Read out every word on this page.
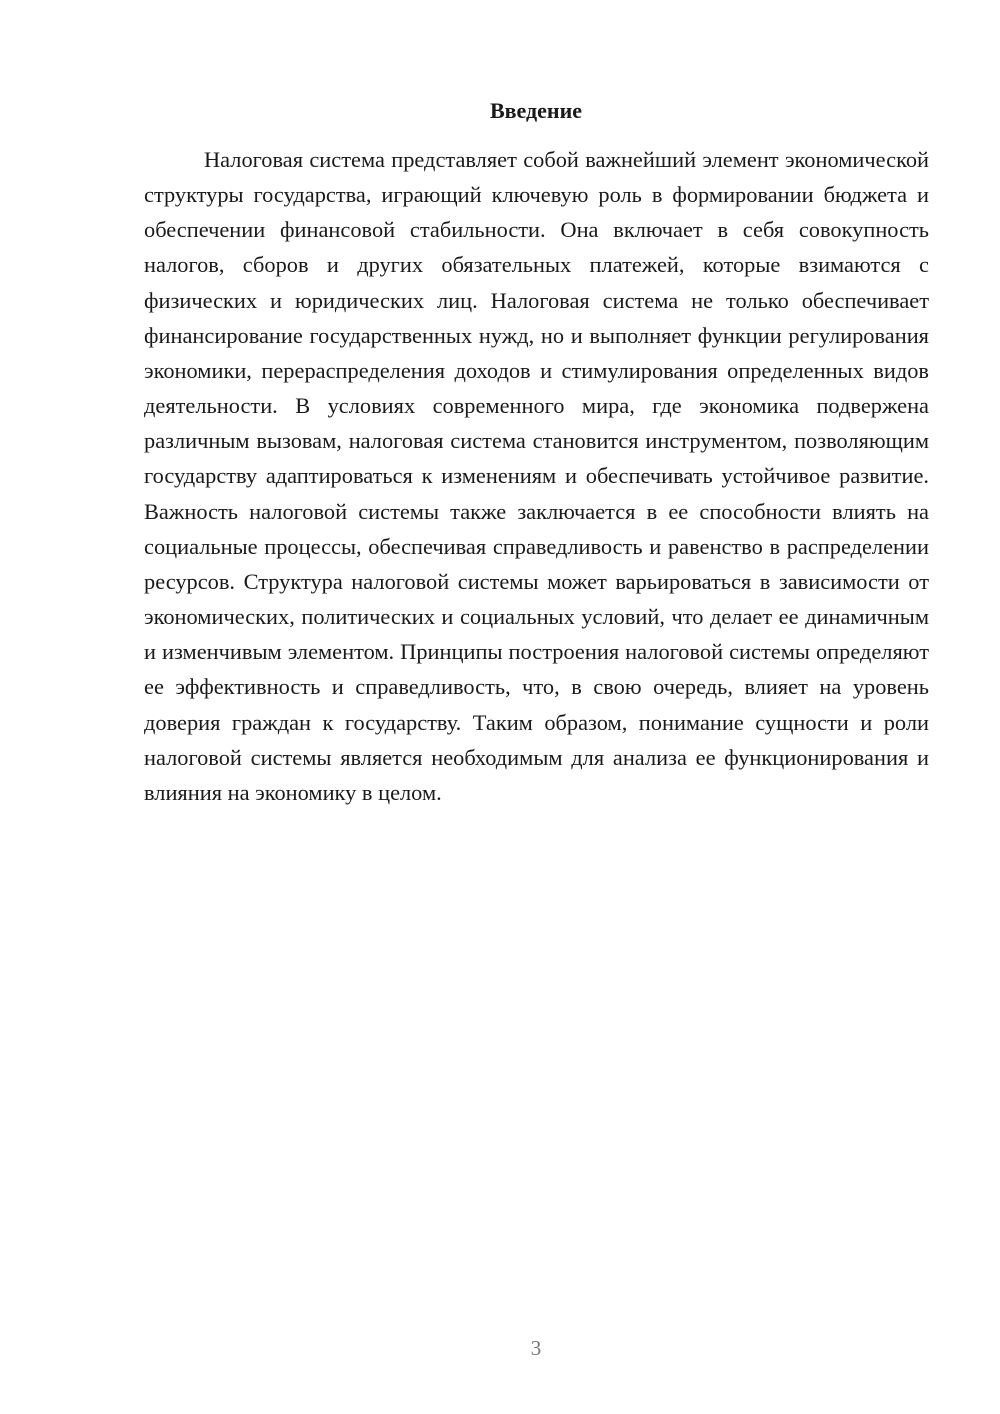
Введение

Налоговая система представляет собой важнейший элемент экономической структуры государства, играющий ключевую роль в формировании бюджета и обеспечении финансовой стабильности. Она включает в себя совокупность налогов, сборов и других обязательных платежей, которые взимаются с физических и юридических лиц. Налоговая система не только обеспечивает финансирование государственных нужд, но и выполняет функции регулирования экономики, перераспределения доходов и стимулирования определенных видов деятельности. В условиях современного мира, где экономика подвержена различным вызовам, налоговая система становится инструментом, позволяющим государству адаптироваться к изменениям и обеспечивать устойчивое развитие. Важность налоговой системы также заключается в ее способности влиять на социальные процессы, обеспечивая справедливость и равенство в распределении ресурсов. Структура налоговой системы может варьироваться в зависимости от экономических, политических и социальных условий, что делает ее динамичным и изменчивым элементом. Принципы построения налоговой системы определяют ее эффективность и справедливость, что, в свою очередь, влияет на уровень доверия граждан к государству. Таким образом, понимание сущности и роли налоговой системы является необходимым для анализа ее функционирования и влияния на экономику в целом.

3
